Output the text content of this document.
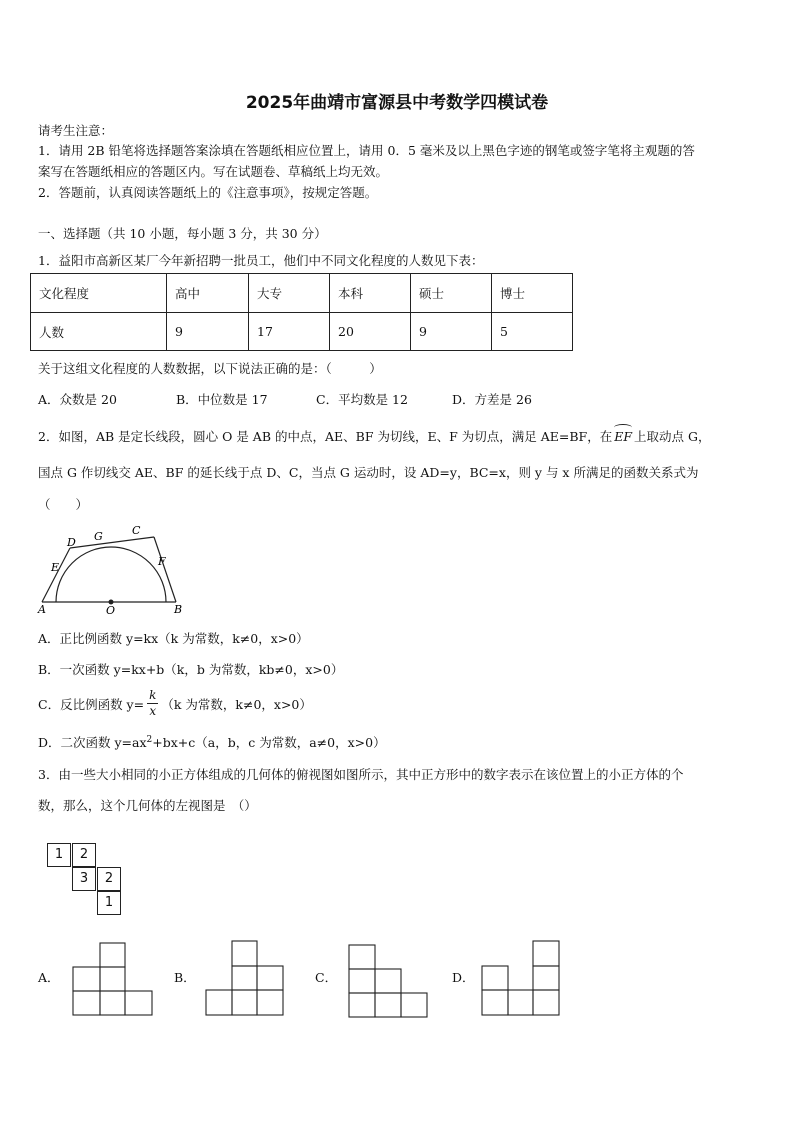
2025年曲靖市富源县中考数学四模试卷
请考生注意：
1．请用 2B 铅笔将选择题答案涂填在答题纸相应位置上，请用 0．5 毫米及以上黑色字迹的钢笔或签字笔将主观题的答
案写在答题纸相应的答题区内。写在试题卷、草稿纸上均无效。
2．答题前，认真阅读答题纸上的《注意事项》，按规定答题。
一、选择题（共 10 小题，每小题 3 分，共 30 分）
1．益阳市高新区某厂今年新招聘一批员工，他们中不同文化程度的人数见下表：
文化程度	高中	大专	本科	硕士	博士
人数	9	17	20	9	5
关于这组文化程度的人数数据，以下说法正确的是：（　　　）
A．众数是 20	B．中位数是 17	C．平均数是 12	D．方差是 26
2．如图，AB 是定长线段，圆心 O 是 AB 的中点，AE、BF 为切线，E、F 为切点，满足 AE=BF，在 EF 上取动点 G，
国点 G 作切线交 AE、BF 的延长线于点 D、C，当点 G 运动时，设 AD=y，BC=x，则 y 与 x 所满足的函数关系式为
（　　）
A	B
O
E	F
D G	C
A．正比例函数 y=kx（k 为常数，k≠0，x>0）
B．一次函数 y=kx+b（k，b 为常数，kb≠0，x>0）
C．反比例函数 $y= \frac{k}{x} (k$ 为常数，k≠0，x>0）
D．二次函数 $y=ax^2+bx+c(a$，b，c 为常数，a≠0，x>0）
3．由一些大小相同的小正方体组成的几何体的俯视图如图所示，其中正方形中的数字表示在该位置上的小正方体的个
数，那么，这个几何体的左视图是　（）
1	2
3	2
1
A．	B．	C．	D．
